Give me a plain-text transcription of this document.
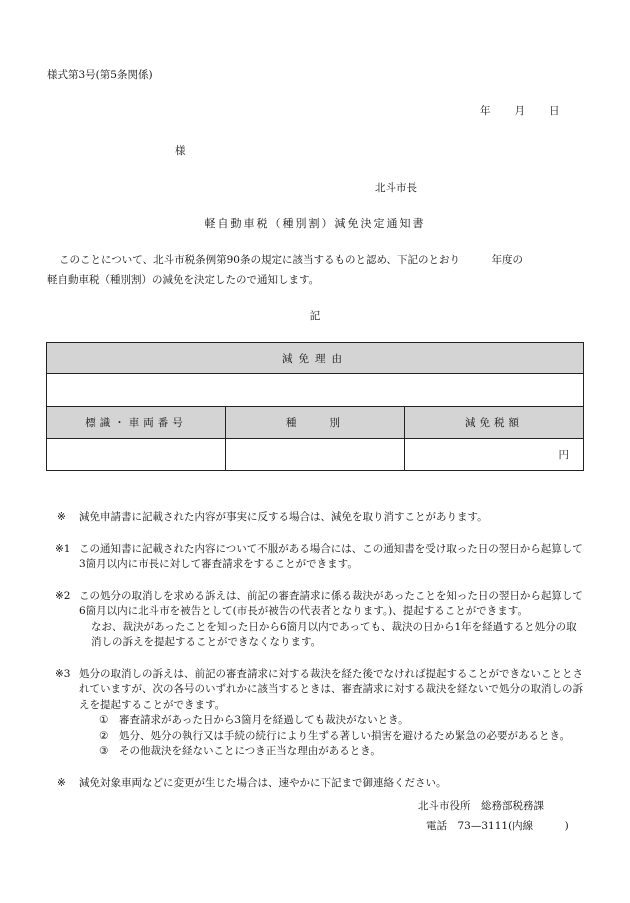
様式第3号(第5条関係)
年 月 日
様
北斗市長
軽自動車税（種別割）減免決定通知書
このことについて、北斗市税条例第90条の規定に該当するものと認め、下記のとおり　　　年度の
軽自動車税（種別割）の減免を決定したので通知します。
記
減免理由		

標識・車両番号	種　　別	減免税額
		円
※ 減免申請書に記載された内容が事実に反する場合は、減免を取り消すことがあります。

※1 この通知書に記載された内容について不服がある場合には、この通知書を受け取った日の翌日から起算して3箇月以内に市長に対して審査請求をすることができます。

※2 この処分の取消しを求める訴えは、前記の審査請求に係る裁決があったことを知った日の翌日から起算して6箇月以内に北斗市を被告として(市長が被告の代表者となります。)、提起することができます。

なお、裁決があったことを知った日から6箇月以内であっても、裁決の日から1年を経過すると処分の取消しの訴えを提起することができなくなります。

※3 処分の取消しの訴えは、前記の審査請求に対する裁決を経た後でなければ提起することができないこととされていますが、次の各号のいずれかに該当するときは、審査請求に対する裁決を経ないで処分の取消しの訴えを提起することができます。

① 審査請求があった日から3箇月を経過しても裁決がないとき。
② 処分、処分の執行又は手続の続行により生ずる著しい損害を避けるため緊急の必要があるとき。
③ その他裁決を経ないことにつき正当な理由があるとき。
※ 減免対象車両などに変更が生じた場合は、速やかに下記まで御連絡ください。

北斗市役所　総務部税務課
電話　73—3111(内線　　　)
